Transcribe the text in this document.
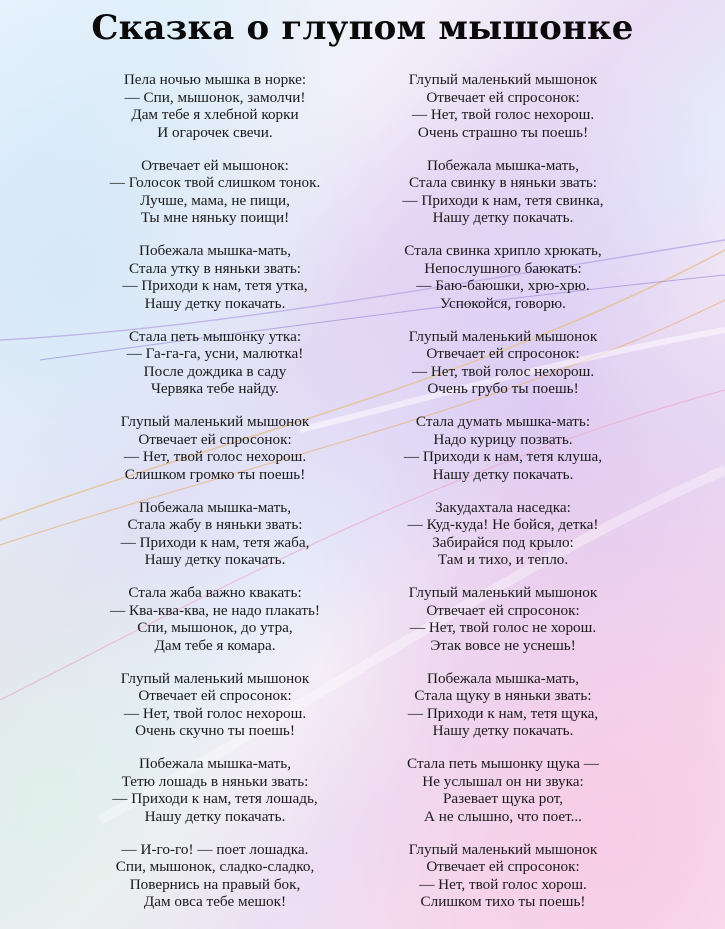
Сказка о глупом мышонке
Пела ночью мышка в норке:
— Спи, мышонок, замолчи!
Дам тебе я хлебной корки
И огарочек свечи.
Отвечает ей мышонок:
— Голосок твой слишком тонок.
Лучше, мама, не пищи,
Ты мне няньку поищи!
Побежала мышка-мать,
Стала утку в няньки звать:
— Приходи к нам, тетя утка,
Нашу детку покачать.
Стала петь мышонку утка:
— Га-га-га, усни, малютка!
После дождика в саду
Червяка тебе найду.
Глупый маленький мышонок
Отвечает ей спросонок:
— Нет, твой голос нехорош.
Слишком громко ты поешь!
Побежала мышка-мать,
Стала жабу в няньки звать:
— Приходи к нам, тетя жаба,
Нашу детку покачать.
Стала жаба важно квакать:
— Ква-ква-ква, не надо плакать!
Спи, мышонок, до утра,
Дам тебе я комара.
Глупый маленький мышонок
Отвечает ей спросонок:
— Нет, твой голос нехорош.
Очень скучно ты поешь!
Побежала мышка-мать,
Тетю лошадь в няньки звать:
— Приходи к нам, тетя лошадь,
Нашу детку покачать.
— И-го-го! — поет лошадка.
Спи, мышонок, сладко-сладко,
Повернись на правый бок,
Дам овса тебе мешок!
Глупый маленький мышонок
Отвечает ей спросонок:
— Нет, твой голос нехорош.
Очень страшно ты поешь!
Побежала мышка-мать,
Стала свинку в няньки звать:
— Приходи к нам, тетя свинка,
Нашу детку покачать.
Стала свинка хрипло хрюкать,
Непослушного баюкать:
— Баю-баюшки, хрю-хрю.
Успокойся, говорю.
Глупый маленький мышонок
Отвечает ей спросонок:
— Нет, твой голос нехорош.
Очень грубо ты поешь!
Стала думать мышка-мать:
Надо курицу позвать.
— Приходи к нам, тетя клуша,
Нашу детку покачать.
Закудахтала наседка:
— Куд-куда! Не бойся, детка!
Забирайся под крыло:
Там и тихо, и тепло.
Глупый маленький мышонок
Отвечает ей спросонок:
— Нет, твой голос не хорош.
Этак вовсе не уснешь!
Побежала мышка-мать,
Стала щуку в няньки звать:
— Приходи к нам, тетя щука,
Нашу детку покачать.
Стала петь мышонку щука —
Не услышал он ни звука:
Разевает щука рот,
А не слышно, что поет...
Глупый маленький мышонок
Отвечает ей спросонок:
— Нет, твой голос хорош.
Слишком тихо ты поешь!
